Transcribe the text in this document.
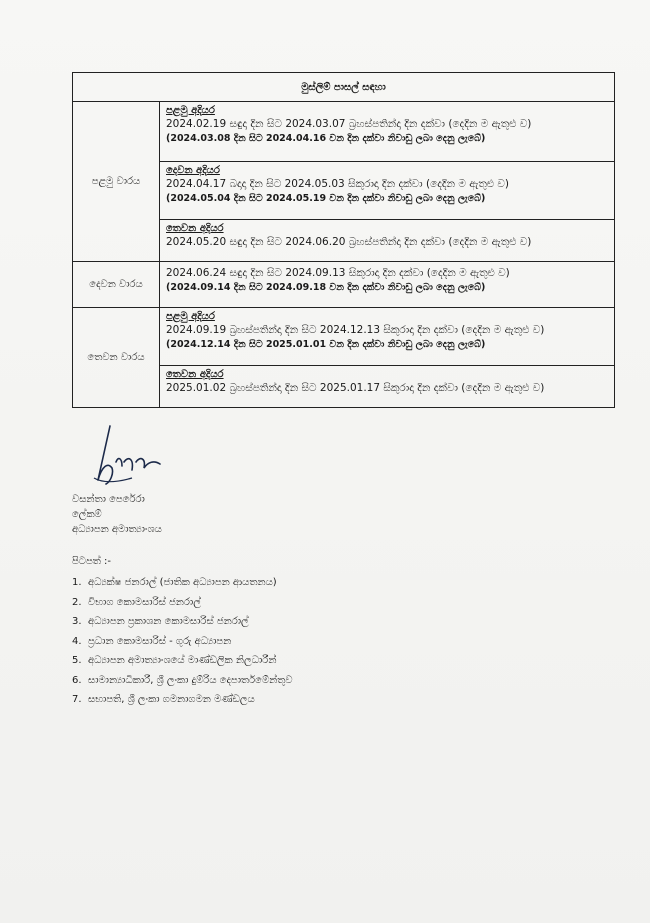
මුස්ලිම් පාසල් සඳහා	
පළමු වාරය	පළමු අදියර
2024.02.19 සඳුදා දින සිට 2024.03.07 බ්‍රහස්පතින්දා දින දක්වා (දෙදින ම ඇතුළු ව)
(2024.03.08 දින සිට 2024.04.16 වන දින දක්වා නිවාඩු ලබා දෙනු ලැබේ)

	දෙවන අදියර
2024.04.17 බදාදා දින සිට 2024.05.03 සිකුරාදා දින දක්වා (දෙදින ම ඇතුළු ව)
(2024.05.04 දින සිට 2024.05.19 වන දින දක්වා නිවාඩු ලබා දෙනු ලැබේ)

	තෙවන අදියර
2024.05.20 සඳුදා දින සිට 2024.06.20 බ්‍රහස්පතින්දා දින දක්වා (දෙදින ම ඇතුළු ව)

දෙවන වාරය	2024.06.24 සඳුදා දින සිට 2024.09.13 සිකුරාදා දින දක්වා (දෙදින ම ඇතුළු ව)
(2024.09.14 දින සිට 2024.09.18 වන දින දක්වා නිවාඩු ලබා දෙනු ලැබේ)

තෙවන වාරය	පළමු අදියර
2024.09.19 බ්‍රහස්පතින්දා දින සිට 2024.12.13 සිකුරාදා දින දක්වා (දෙදින ම ඇතුළු ව)
(2024.12.14 දින සිට 2025.01.01 වන දින දක්වා නිවාඩු ලබා දෙනු ලැබේ)

	තෙවන අදියර
2025.01.02 බ්‍රහස්පතින්දා දින සිට 2025.01.17 සිකුරාදා දින දක්වා (දෙදින ම ඇතුළු ව)
වසන්තා පෙරේරා
ලේකම්
අධ්‍යාපන අමාත්‍යාංශය
පිටපත් :-
1. අධ්‍යක්ෂ ජනරාල් (ජාතික අධ්‍යාපන ආයතනය)
2. විභාග කොමසාරිස් ජනරාල්
3. අධ්‍යාපන ප්‍රකාශන කොමසාරිස් ජනරාල්
4. ප්‍රධාන කොමසාරිස් - ගුරු අධ්‍යාපන
5. අධ්‍යාපන අමාත්‍යාංශයේ මාණ්ඩලික නිලධාරීන්
6. සාමාන්‍යාධිකාරී, ශ්‍රී ලංකා දුම්රිය දෙපාර්තමේන්තුව
7. සභාපති, ශ්‍රී ලංකා ගමනාගමන මණ්ඩලය
